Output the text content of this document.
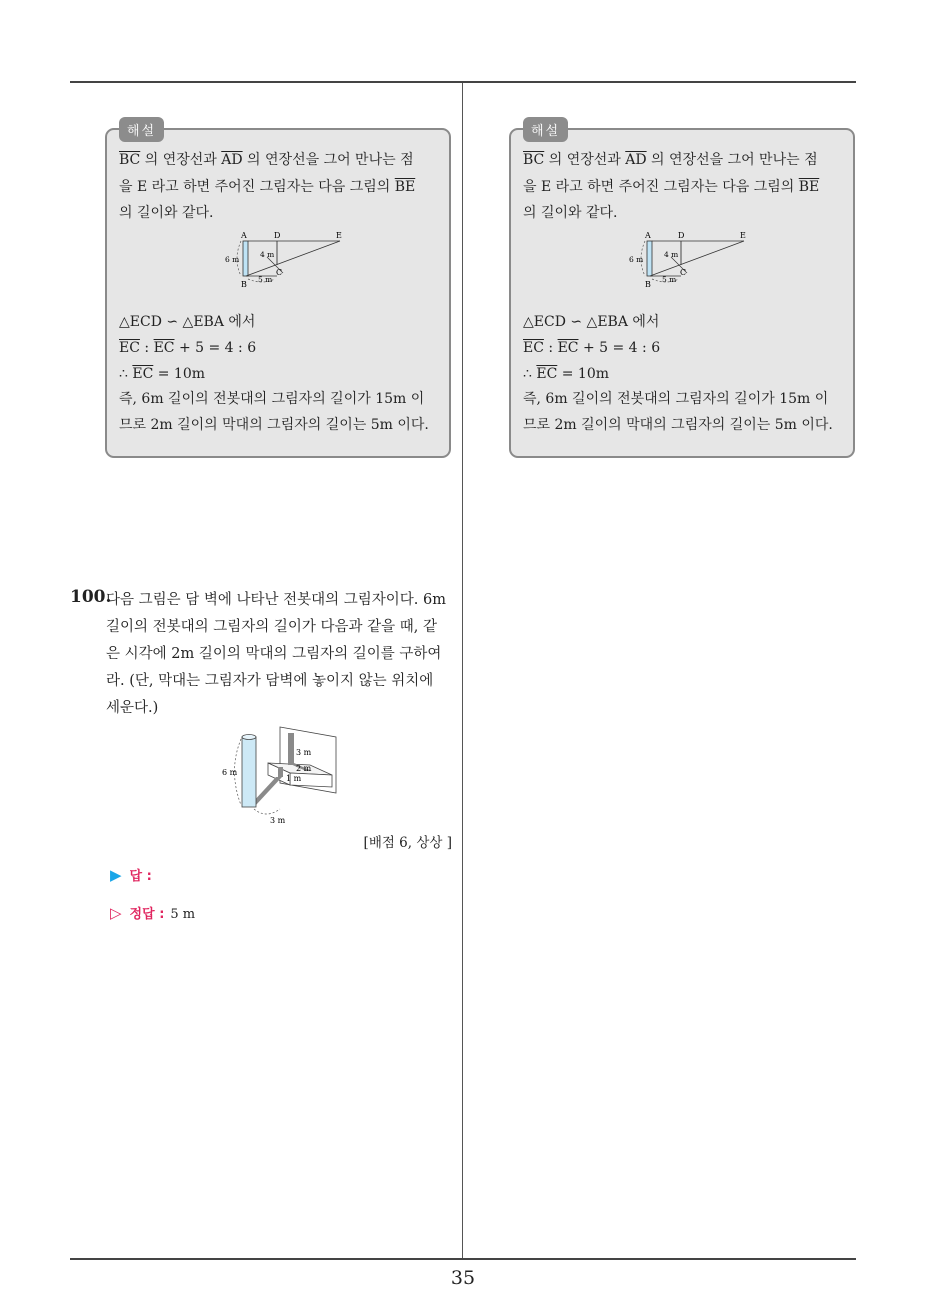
해설

$\overline{BC}$ 의 연장선과 $\overline{AD}$ 의 연장선을 그어 만나는 점

을 E 라고 하면 주어진 그림자는 다음 그림의 $\overline{BE}$

의 길이와 같다.

A
B
D	E
C
6 m
4 m
5 m

△ECD ∽ △EBA 에서

$\overline{EC}$ : $\overline{EC} + 5 = 4$ : 6

∴ $\overline{EC} = 10m$

즉, 6m 길이의 전봇대의 그림자의 길이가 15m 이

므로 2m 길이의 막대의 그림자의 길이는 5m 이다.

해설

$\overline{BC}$ 의 연장선과 $\overline{AD}$ 의 연장선을 그어 만나는 점

을 E 라고 하면 주어진 그림자는 다음 그림의 $\overline{BE}$

의 길이와 같다.

A
B
D	E
C
6 m
4 m
5 m

△ECD ∽ △EBA 에서

$\overline{EC}$ : $\overline{EC} + 5 = 4$ : 6

∴ $\overline{EC} = 10m$

즉, 6m 길이의 전봇대의 그림자의 길이가 15m 이

므로 2m 길이의 막대의 그림자의 길이는 5m 이다.

100.
다음 그림은 담 벽에 나타난 전봇대의 그림자이다. 6m
길이의 전봇대의 그림자의 길이가 다음과 같을 때, 같
은 시각에 2m 길이의 막대의 그림자의 길이를 구하여
라. (단, 막대는 그림자가 담벽에 놓이지 않는 위치에
세운다.)
6 m
3 m
2 m
1 m
3 m
[배점 6, 상상 ]
▶ 답 :
▷ 정답 : 5 m
35
